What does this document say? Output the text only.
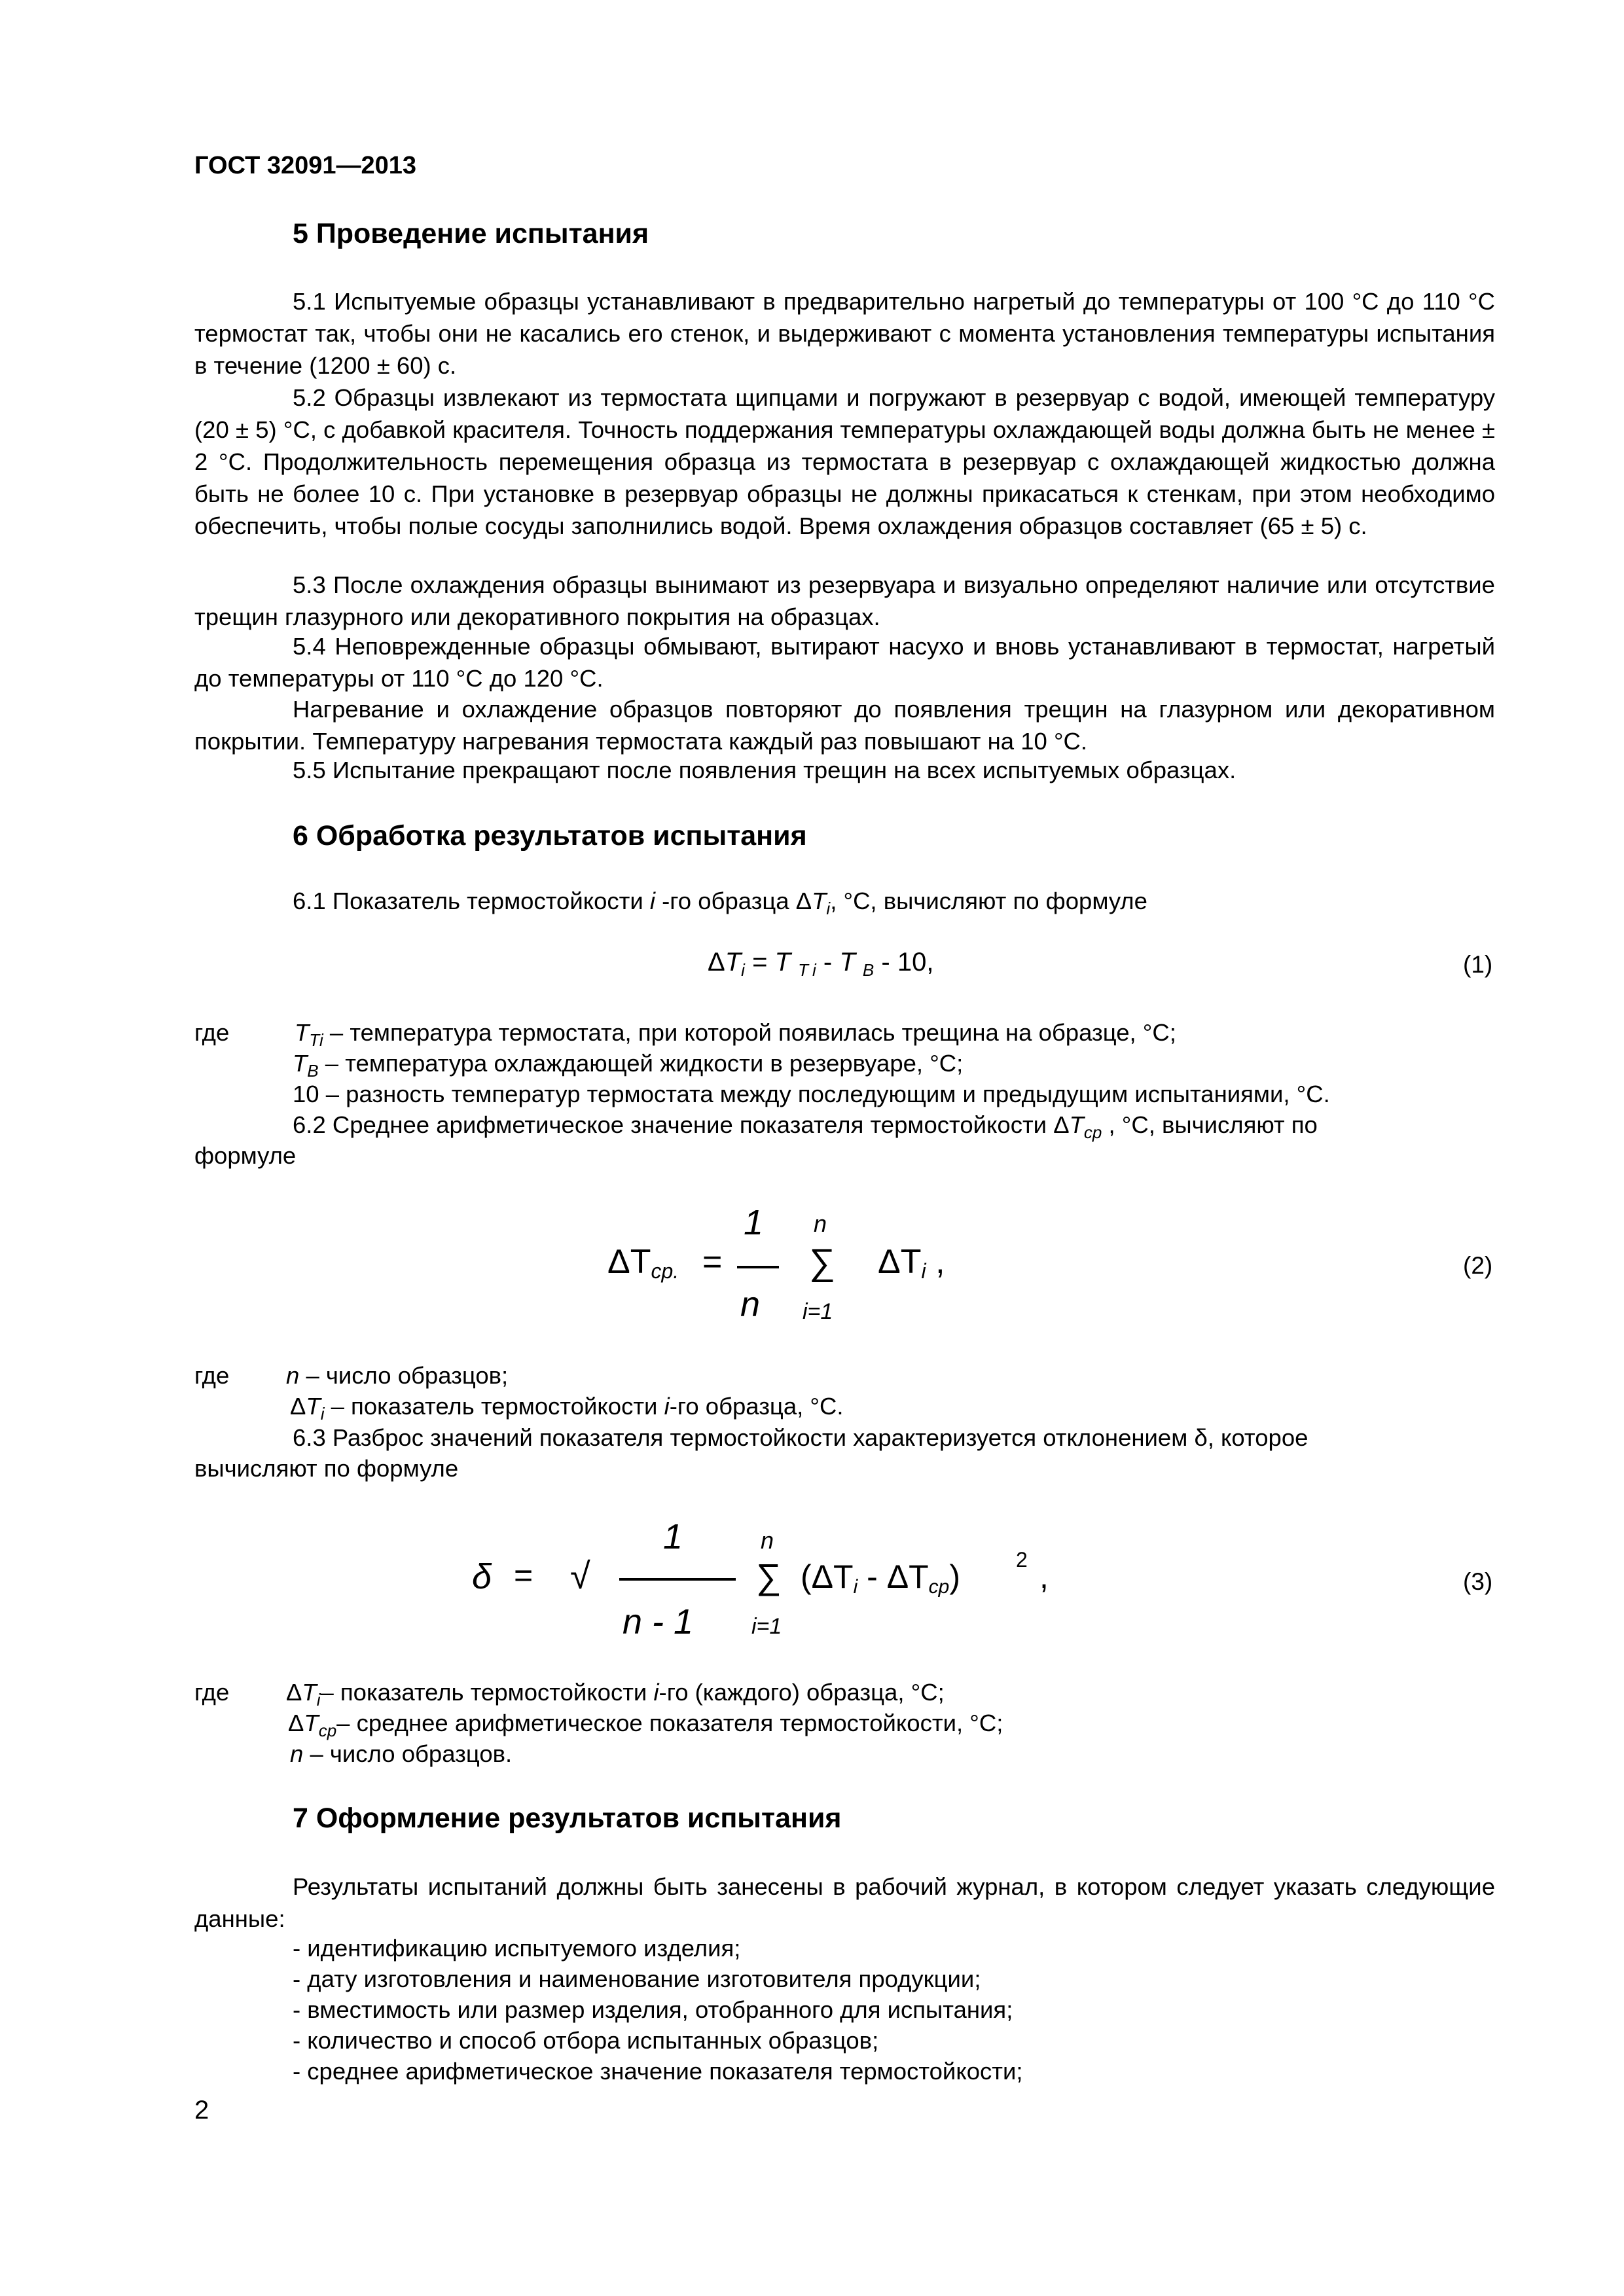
ГОСТ 32091—2013
5 Проведение испытания
5.1 Испытуемые образцы устанавливают в предварительно нагретый до температуры от 100 °С до 110 °С термостат так, чтобы они не касались его стенок, и выдерживают с момента установления температуры испытания в течение (1200 ± 60) с.
5.2 Образцы извлекают из термостата щипцами и погружают в резервуар с водой, имеющей температуру (20 ± 5) °С, с добавкой красителя. Точность поддержания температуры охлаждающей воды должна быть не менее ± 2 °С. Продолжительность перемещения образца из термостата в резервуар с охлаждающей жидкостью должна быть не более 10 с. При установке в резервуар образцы не должны прикасаться к стенкам, при этом необходимо обеспечить, чтобы полые сосуды заполнились водой. Время охлаждения образцов составляет (65 ± 5) с.
5.3 После охлаждения образцы вынимают из резервуара и визуально определяют наличие или отсутствие трещин глазурного или декоративного покрытия на образцах.
5.4 Неповрежденные образцы обмывают, вытирают насухо и вновь устанавливают в термостат, нагретый до температуры от 110 °С до 120 °С.
Нагревание и охлаждение образцов повторяют до появления трещин на глазурном или декоративном покрытии. Температуру нагревания термостата каждый раз повышают на 10 °С.
5.5 Испытание прекращают после появления трещин на всех испытуемых образцах.
6 Обработка результатов испытания
6.1 Показатель термостойкости i -го образца $\Delta T_i$, °С, вычисляют по формуле
$\Delta T_i = T$ $_T$ $_i$ - T $_B$ - 10,	(1)
где	$T_{Ti}$ – температура термостата, при которой появилась трещина на образце, °С;
$T_B$ – температура охлаждающей жидкости в резервуаре, °С;
10 – разность температур термостата между последующим и предыдущим испытаниями, °С.
6.2 Среднее арифметическое значение показателя термостойкости $\Delta T_{ср}$ , °С, вычисляют по
формуле
$\Delta T_{ср.}$ =
1
n
n
∑
i=1
$\Delta T_i$ ,	(2)
где n – число образцов;
$\Delta T_i$ – показатель термостойкости i-го образца, °С.
6.3 Разброс значений показателя термостойкости характеризуется отклонением δ, которое
вычисляют по формуле
δ = √
1
n - 1
n
∑
i=1
$(\Delta T_i - \Delta T_{ср})$	2 ,	(3)
где $\Delta T_i-$ показатель термостойкости i-го (каждого) образца, °С;
$\Delta T_{ср}-$ среднее арифметическое показателя термостойкости, °С;
n – число образцов.
7 Оформление результатов испытания
Результаты испытаний должны быть занесены в рабочий журнал, в котором следует указать следующие данные:
- идентификацию испытуемого изделия;
- дату изготовления и наименование изготовителя продукции;
- вместимость или размер изделия, отобранного для испытания;
- количество и способ отбора испытанных образцов;
- среднее арифметическое значение показателя термостойкости;
2
